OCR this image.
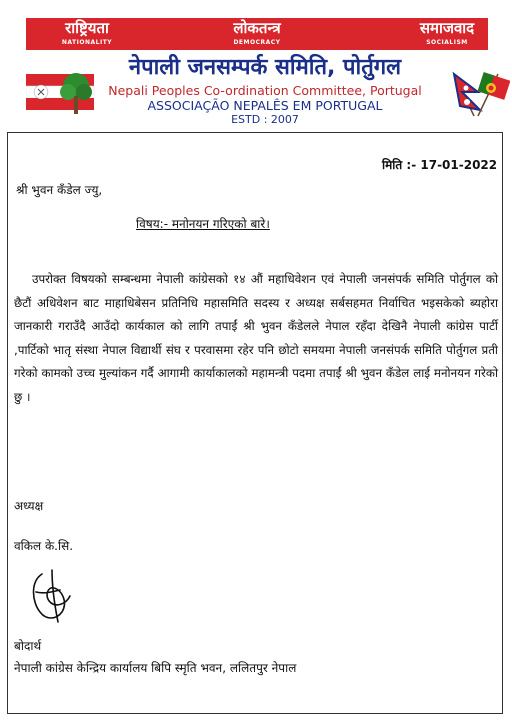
राष्ट्रियता
NATIONALITY
लोकतन्त्र
DEMOCRACY
समाजवाद
SOCIALISM
नेपाली जनसम्पर्क समिति, पोर्तुगल
Nepali Peoples Co-ordination Committee, Portugal
ASSOCIAÇÃO NEPALÊS EM PORTUGAL
ESTD : 2007
मिति :- 17-01-2022
श्री भुवन कँडेल ज्यु,
विषय:- मनोनयन गरिएको बारे।
उपरोक्त विषयको सम्बन्धमा नेपाली कांग्रेसको १४ औं महाधिवेशन एवं नेपाली जनसंपर्क समिति पोर्तुगल को छैटौं अधिवेशन बाट माहाधिबेसन प्रतिनिधि महासमिति सदस्य र अध्यक्ष सर्बसहमत निर्वाचित भइसकेको ब्यहोरा जानकारी गराउँदै आउँदो कार्यकाल को लागि तपाईं श्री भुवन कँडेलले नेपाल रहँदा देखिनै नेपाली कांग्रेस पार्टी ,पार्टिको भातृ संस्था नेपाल विद्यार्थी संघ र परवासमा रहेर पनि छोटो समयमा नेपाली जनसंपर्क समिति पोर्तुगल प्रती गरेको कामको उच्च मुल्यांकन गर्दै आगामी कार्याकालको महामन्त्री पदमा तपाईं श्री भुवन कँडेल लाई मनोनयन गरेको छु ।
अध्यक्ष
वकिल के.सि.
बोदार्थ
नेपाली कांग्रेस केन्द्रिय कार्यालय बिपि स्मृति भवन, ललितपुर नेपाल
